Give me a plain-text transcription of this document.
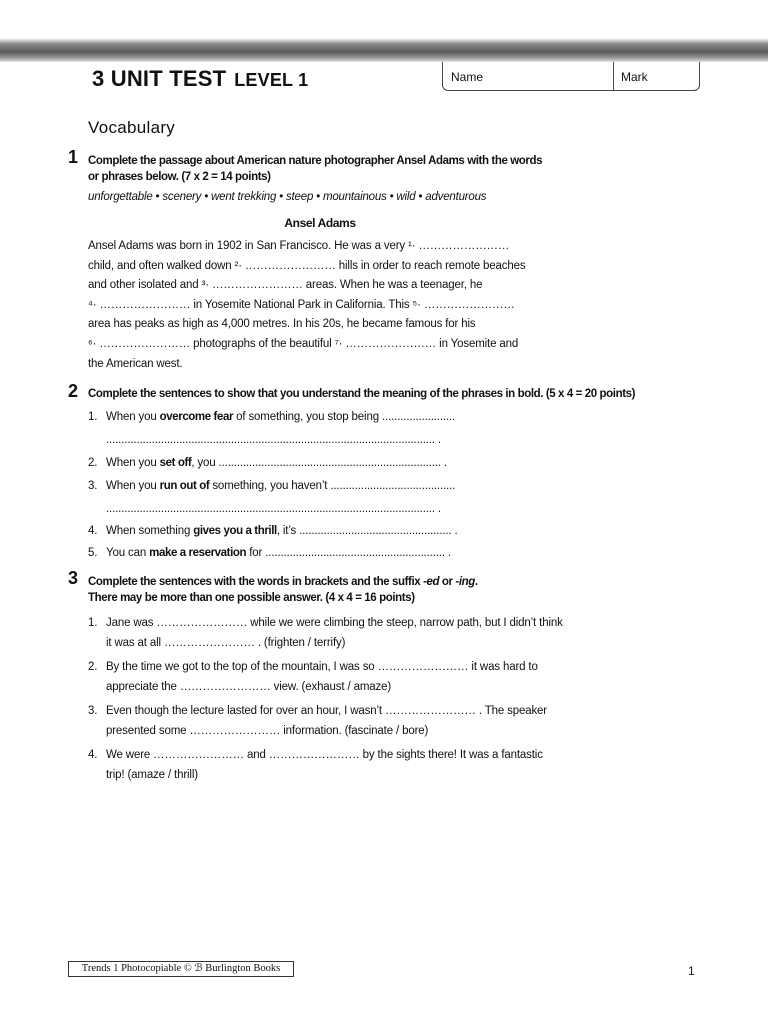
3 UNIT TEST LEVEL 1	Name	Mark
Vocabulary
1 Complete the passage about American nature photographer Ansel Adams with the words
or phrases below. (7 x 2 = 14 points)
unforgettable • scenery • went trekking • steep • mountainous • wild • adventurous
Ansel Adams
Ansel Adams was born in 1902 in San Francisco. He was a very ¹· ……………………
child, and often walked down ²· …………………… hills in order to reach remote beaches
and other isolated and ³· …………………… areas. When he was a teenager, he
⁴· …………………… in Yosemite National Park in California. This ⁵· ……………………
area has peaks as high as 4,000 metres. In his 20s, he became famous for his
⁶· …………………… photographs of the beautiful ⁷· …………………… in Yosemite and
the American west.
2 Complete the sentences to show that you understand the meaning of the phrases in bold. (5 x 4 = 20 points)
1. When you overcome fear of something, you stop being ........................
............................................................................................................ .
2. When you set off, you ......................................................................... .
3. When you run out of something, you haven’t .........................................
............................................................................................................ .
4. When something gives you a thrill, it’s .................................................. .
5. You can make a reservation for ........................................................... .
3 Complete the sentences with the words in brackets and the suffix -ed or -ing.
There may be more than one possible answer. (4 x 4 = 16 points)
1. Jane was …………………… while we were climbing the steep, narrow path, but I didn’t think
it was at all …………………… . (frighten / terrify)
2. By the time we got to the top of the mountain, I was so …………………… it was hard to
appreciate the …………………… view. (exhaust / amaze)
3. Even though the lecture lasted for over an hour, I wasn’t …………………… . The speaker
presented some …………………… information. (fascinate / bore)
4. We were …………………… and …………………… by the sights there! It was a fantastic
trip! (amaze / thrill)
Trends 1 Photocopiable © ℬ Burlington Books	1
